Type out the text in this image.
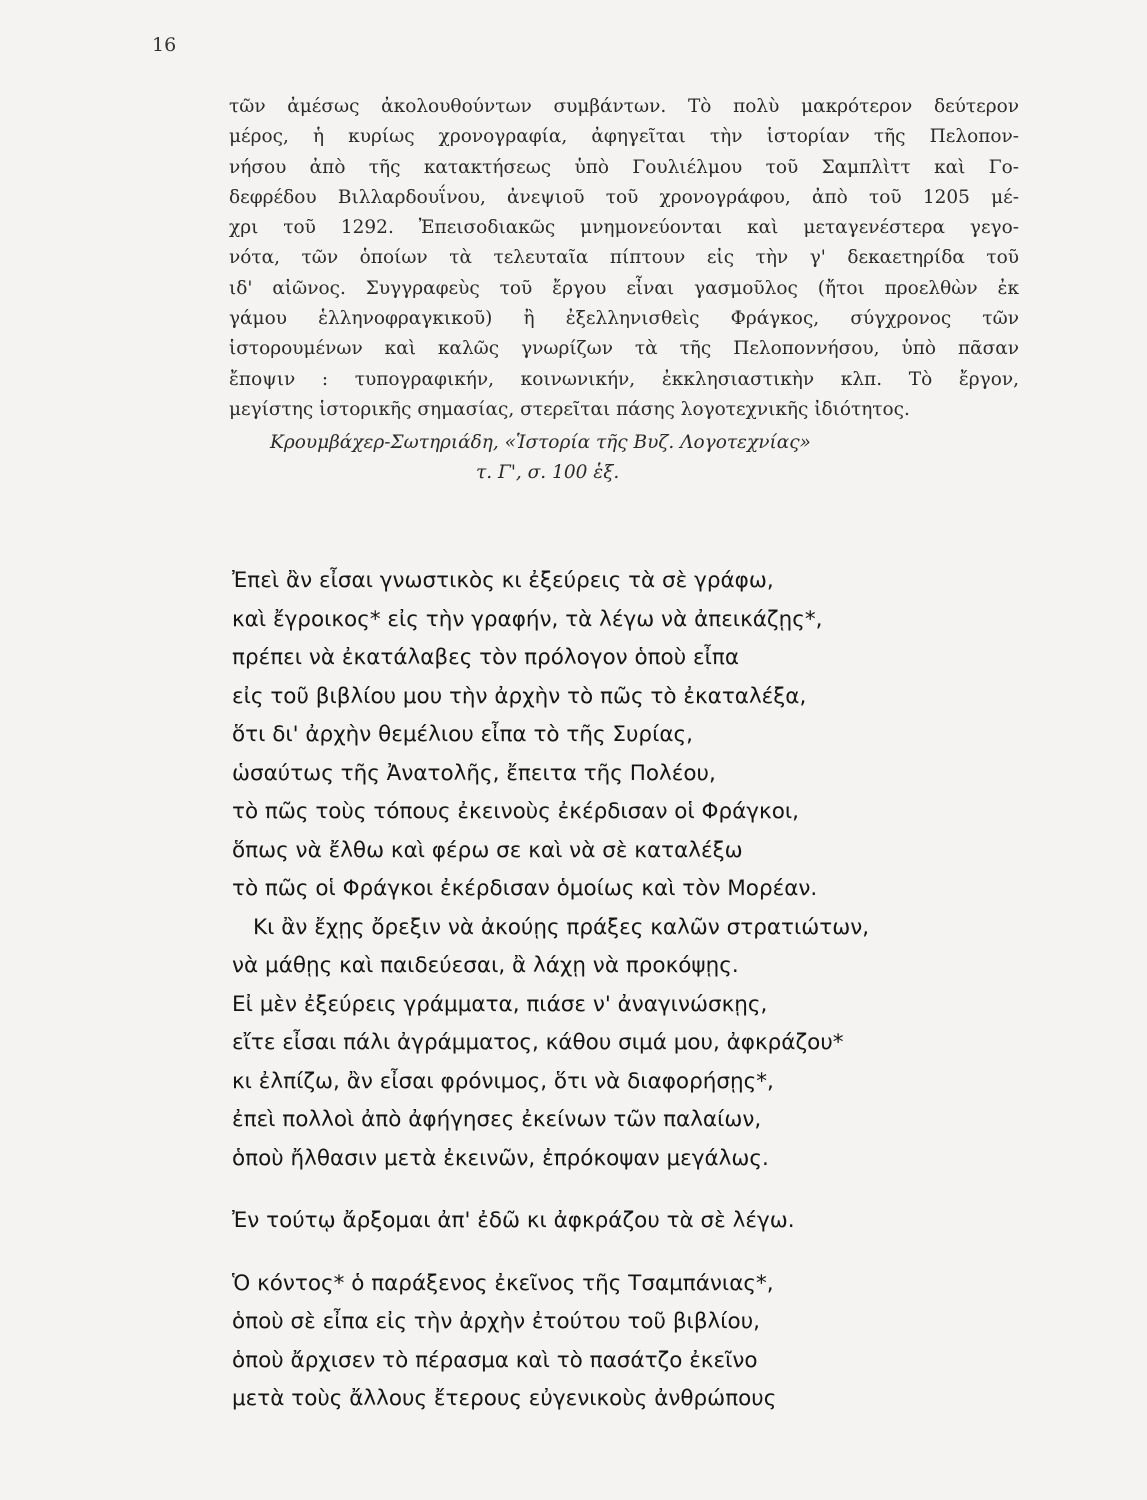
16
τῶν ἀμέσως ἀκολουθούντων συμβάντων. Τὸ πολὺ μακρότερον δεύτερον
μέρος, ἡ κυρίως χρονογραφία, ἀφηγεῖται τὴν ἱστορίαν τῆς Πελοπον-
νήσου ἀπὸ τῆς κατακτήσεως ὑπὸ Γουλιέλμου τοῦ Σαμπλὶττ καὶ Γο-
δεφρέδου Βιλλαρδουΐνου, ἀνεψιοῦ τοῦ χρονογράφου, ἀπὸ τοῦ 1205 μέ-
χρι τοῦ 1292. Ἐπεισοδιακῶς μνημονεύονται καὶ μεταγενέστερα γεγο-
νότα, τῶν ὁποίων τὰ τελευταῖα πίπτουν εἰς τὴν γ' δεκαετηρίδα τοῦ
ιδ' αἰῶνος. Συγγραφεὺς τοῦ ἔργου εἶναι γασμοῦλος (ἤτοι προελθὼν ἐκ
γάμου ἑλληνοφραγκικοῦ) ἢ ἐξελληνισθεὶς Φράγκος, σύγχρονος τῶν
ἱστορουμένων καὶ καλῶς γνωρίζων τὰ τῆς Πελοποννήσου, ὑπὸ πᾶσαν
ἔποψιν : τυπογραφικήν, κοινωνικήν, ἐκκλησιαστικὴν κλπ. Τὸ ἔργον,
μεγίστης ἱστορικῆς σημασίας, στερεῖται πάσης λογοτεχνικῆς ἰδιότητος.
Κρουμβάχερ-Σωτηριάδη, «Ἱστορία τῆς Βυζ. Λογοτεχνίας»
τ. Γ', σ. 100 ἑξ.
Ἐπεὶ ἂν εἶσαι γνωστικὸς κι ἐξεύρεις τὰ σὲ γράφω,
καὶ ἔγροικος* εἰς τὴν γραφήν, τὰ λέγω νὰ ἀπεικάζῃς*,
πρέπει νὰ ἐκατάλαβες τὸν πρόλογον ὁποὺ εἶπα
εἰς τοῦ βιβλίου μου τὴν ἀρχὴν τὸ πῶς τὸ ἐκαταλέξα,
ὅτι δι' ἀρχὴν θεμέλιου εἶπα τὸ τῆς Συρίας,
ὡσαύτως τῆς Ἀνατολῆς, ἔπειτα τῆς Πολέου,
τὸ πῶς τοὺς τόπους ἐκεινοὺς ἐκέρδισαν οἱ Φράγκοι,
ὅπως νὰ ἔλθω καὶ φέρω σε καὶ νὰ σὲ καταλέξω
τὸ πῶς οἱ Φράγκοι ἐκέρδισαν ὁμοίως καὶ τὸν Μορέαν.
Κι ἂν ἔχῃς ὄρεξιν νὰ ἀκούῃς πράξες καλῶν στρατιώτων,
νὰ μάθῃς καὶ παιδεύεσαι, ἂ λάχῃ νὰ προκόψῃς.
Εἰ μὲν ἐξεύρεις γράμματα, πιάσε ν' ἀναγινώσκῃς,
εἴτε εἶσαι πάλι ἀγράμματος, κάθου σιμά μου, ἀφκράζου*
κι ἐλπίζω, ἂν εἶσαι φρόνιμος, ὅτι νὰ διαφορήσῃς*,
ἐπεὶ πολλοὶ ἀπὸ ἀφήγησες ἐκείνων τῶν παλαίων,
ὁποὺ ἤλθασιν μετὰ ἐκεινῶν, ἐπρόκοψαν μεγάλως.
Ἐν τούτῳ ἄρξομαι ἀπ' ἐδῶ κι ἀφκράζου τὰ σὲ λέγω.
Ὁ κόντος* ὁ παράξενος ἐκεῖνος τῆς Τσαμπάνιας*,
ὁποὺ σὲ εἶπα εἰς τὴν ἀρχὴν ἐτούτου τοῦ βιβλίου,
ὁποὺ ἄρχισεν τὸ πέρασμα καὶ τὸ πασάτζο ἐκεῖνο
μετὰ τοὺς ἄλλους ἔτερους εὐγενικοὺς ἀνθρώπους
